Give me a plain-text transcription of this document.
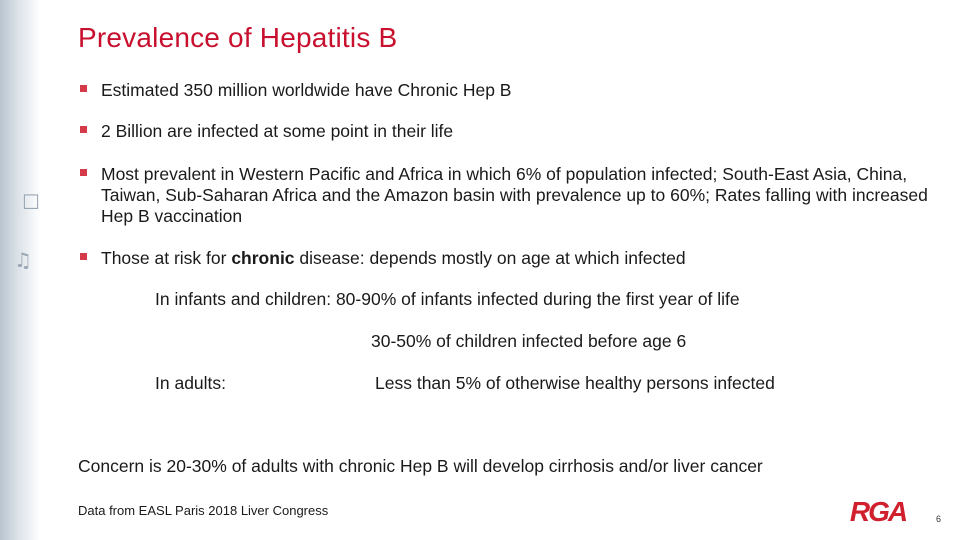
☐
♫
Prevalence of Hepatitis B
Estimated 350 million worldwide have Chronic Hep B
2 Billion are infected at some point in their life
Most prevalent in Western Pacific and Africa in which 6% of population infected; South-East Asia, China, Taiwan, Sub-Saharan Africa and the Amazon basin with prevalence up to 60%; Rates falling with increased Hep B vaccination
Those at risk for chronic disease: depends mostly on age at which infected
In infants and children: 80-90% of infants infected during the first year of life
30-50% of children infected before age 6
In adults:	Less than 5% of otherwise healthy persons infected
Concern is 20-30% of adults with chronic Hep B will develop cirrhosis and/or liver cancer
Data from EASL Paris 2018 Liver Congress	RGA	6
